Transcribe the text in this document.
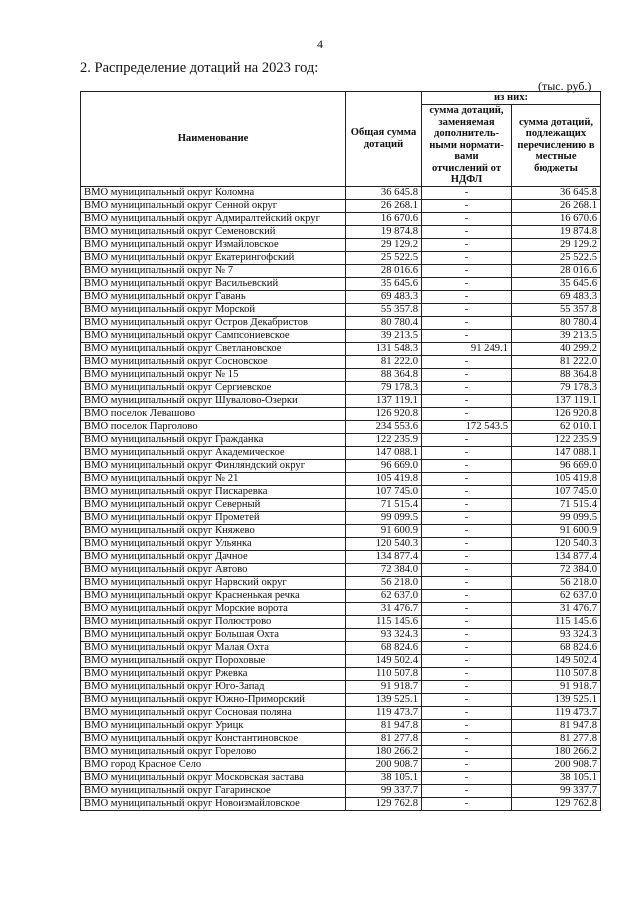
4
2. Распределение дотаций на 2023 год:
(тыс. руб.)
Наименование	Общая сумма дотаций	из них:	
		сумма дотаций, заменяемая дополнитель-ными нормати-вами отчислений от НДФЛ	сумма дотаций, подлежащих перечислению в местные бюджеты
ВМО муниципальный округ Коломна	36 645.8	-	36 645.8
ВМО муниципальный округ Сенной округ	26 268.1	-	26 268.1
ВМО муниципальный округ Адмиралтейский округ	16 670.6	-	16 670.6
ВМО муниципальный округ Семеновский	19 874.8	-	19 874.8
ВМО муниципальный округ Измайловское	29 129.2	-	29 129.2
ВМО муниципальный округ Екатерингофский	25 522.5	-	25 522.5
ВМО муниципальный округ № 7	28 016.6	-	28 016.6
ВМО муниципальный округ Васильевский	35 645.6	-	35 645.6
ВМО муниципальный округ Гавань	69 483.3	-	69 483.3
ВМО муниципальный округ Морской	55 357.8	-	55 357.8
ВМО муниципальный округ Остров Декабристов	80 780.4	-	80 780.4
ВМО муниципальный округ Сампсониевское	39 213.5	-	39 213.5
ВМО муниципальный округ Светлановское	131 548.3	91 249.1	40 299.2
ВМО муниципальный округ Сосновское	81 222.0	-	81 222.0
ВМО муниципальный округ № 15	88 364.8	-	88 364.8
ВМО муниципальный округ Сергиевское	79 178.3	-	79 178.3
ВМО муниципальный округ Шувалово-Озерки	137 119.1	-	137 119.1
ВМО поселок Левашово	126 920.8	-	126 920.8
ВМО поселок Парголово	234 553.6	172 543.5	62 010.1
ВМО муниципальный округ Гражданка	122 235.9	-	122 235.9
ВМО муниципальный округ Академическое	147 088.1	-	147 088.1
ВМО муниципальный округ Финляндский округ	96 669.0	-	96 669.0
ВМО муниципальный округ № 21	105 419.8	-	105 419.8
ВМО муниципальный округ Пискаревка	107 745.0	-	107 745.0
ВМО муниципальный округ Северный	71 515.4	-	71 515.4
ВМО муниципальный округ Прометей	99 099.5	-	99 099.5
ВМО муниципальный округ Княжево	91 600.9	-	91 600.9
ВМО муниципальный округ Ульянка	120 540.3	-	120 540.3
ВМО муниципальный округ Дачное	134 877.4	-	134 877.4
ВМО муниципальный округ Автово	72 384.0	-	72 384.0
ВМО муниципальный округ Нарвский округ	56 218.0	-	56 218.0
ВМО муниципальный округ Красненькая речка	62 637.0	-	62 637.0
ВМО муниципальный округ Морские ворота	31 476.7	-	31 476.7
ВМО муниципальный округ Полюстрово	115 145.6	-	115 145.6
ВМО муниципальный округ Большая Охта	93 324.3	-	93 324.3
ВМО муниципальный округ Малая Охта	68 824.6	-	68 824.6
ВМО муниципальный округ Пороховые	149 502.4	-	149 502.4
ВМО муниципальный округ Ржевка	110 507.8	-	110 507.8
ВМО муниципальный округ Юго-Запад	91 918.7	-	91 918.7
ВМО муниципальный округ Южно-Приморский	139 525.1	-	139 525.1
ВМО муниципальный округ Сосновая поляна	119 473.7	-	119 473.7
ВМО муниципальный округ Урицк	81 947.8	-	81 947.8
ВМО муниципальный округ Константиновское	81 277.8	-	81 277.8
ВМО муниципальный округ Горелово	180 266.2	-	180 266.2
ВМО город Красное Село	200 908.7	-	200 908.7
ВМО муниципальный округ Московская застава	38 105.1	-	38 105.1
ВМО муниципальный округ Гагаринское	99 337.7	-	99 337.7
ВМО муниципальный округ Новоизмайловское	129 762.8	-	129 762.8
